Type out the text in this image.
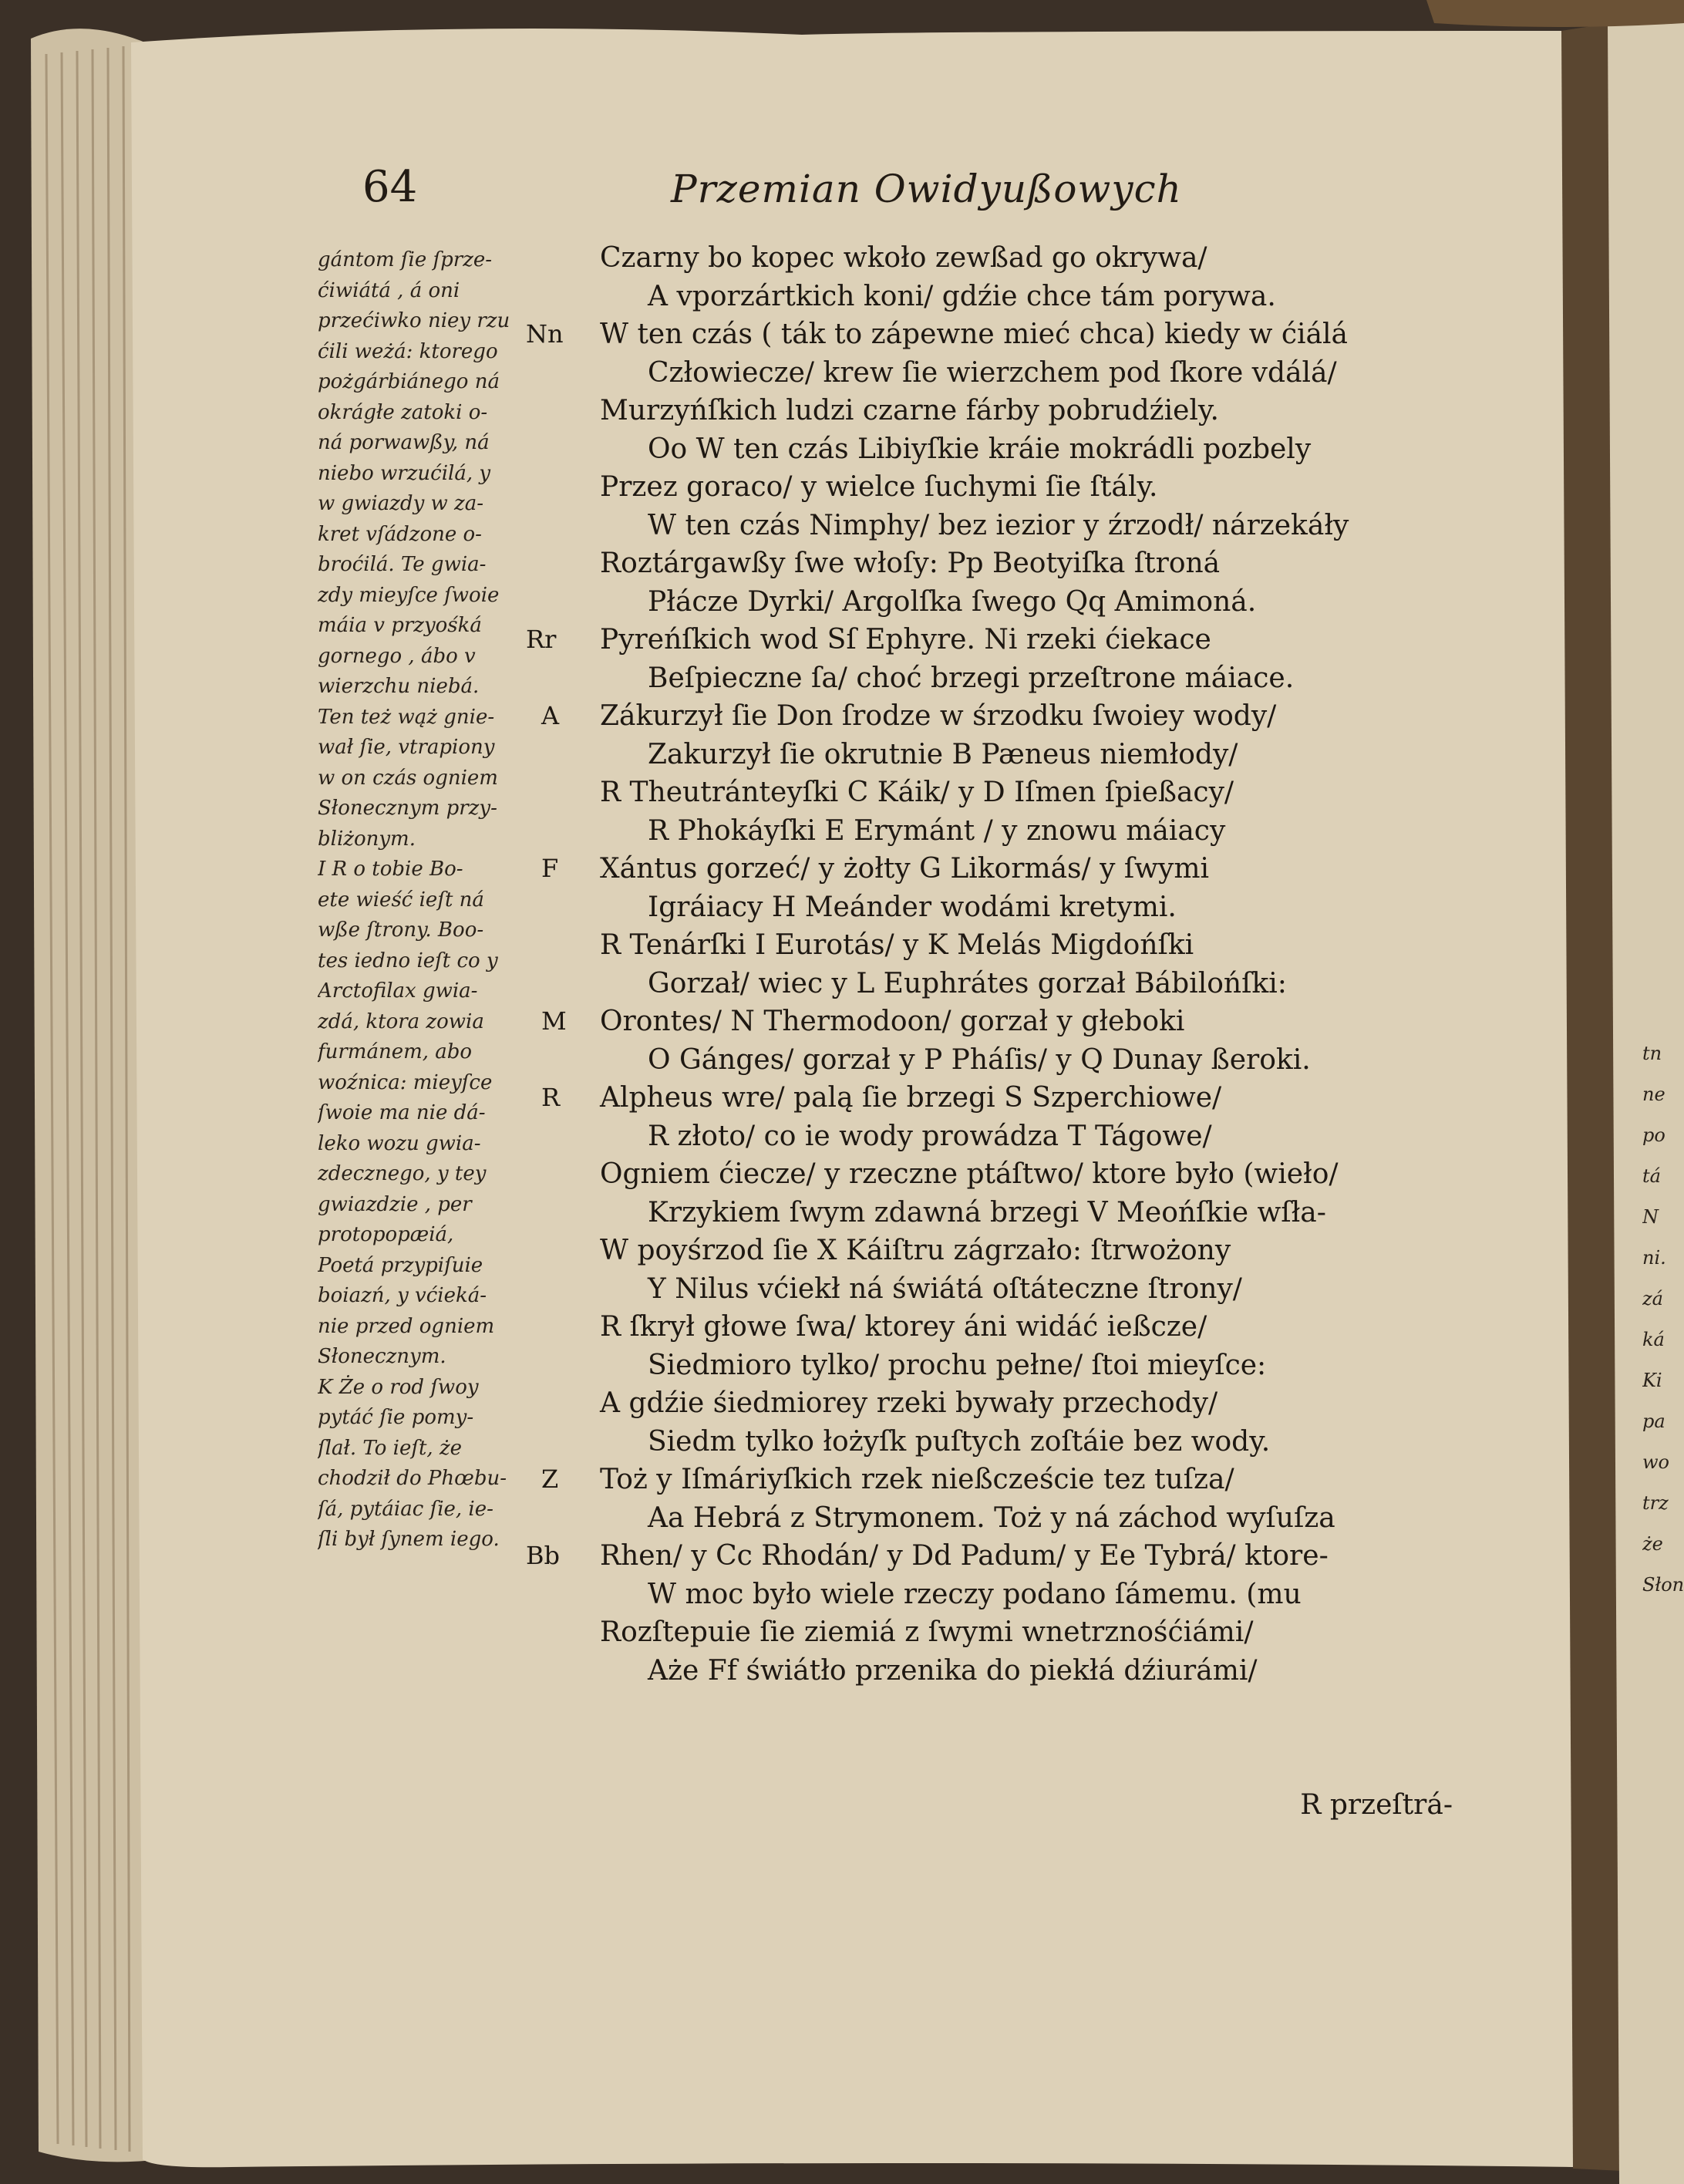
64	Przemian Owidyußowych
gántom ſie ſprze-
ćiwiátá , á oni
przećiwko niey rzu
ćili weżá: ktorego
pożgárbiánego ná
okrágłe zatoki o-
ná porwawßy, ná
niebo wrzućilá, y
w gwiazdy w za-
kret vſádzone o-
broćilá. Te gwia-
zdy mieyſce ſwoie
máia v przyośká
gornego , ábo v
wierzchu niebá.
Ten też wąż gnie-
wał ſie, vtrapiony
w on czás ogniem
Słonecznym przy-
bliżonym.
I R o tobie Bo-
ete wieść ieſt ná
wße ſtrony. Boo-
tes iedno ieſt co y
Arctofilax gwia-
zdá, ktora zowia
furmánem, abo
woźnica: mieyſce
ſwoie ma nie dá-
leko wozu gwia-
zdecznego, y tey
gwiazdzie , per
protopopæiá,
Poetá przypiſuie
boiazń, y vćieká-
nie przed ogniem
Słonecznym.
K Że o rod ſwoy
pytáć ſie pomy-
ſlał. To ieſt, że
chodził do Phœbu-
ſá, pytáiac ſie, ie-
ſli był ſynem iego.
Czarny bo kopec wkoło zewßad go okrywa/
A vporzártkich koni/ gdźie chce tám porywa.
Nn W ten czás ( ták to zápewne mieć chca) kiedy w ćiálá
Człowiecze/ krew ſie wierzchem pod ſkore vdálá/
Murzyńſkich ludzi czarne fárby pobrudźiely.
Oo W ten czás Libiyſkie kráie mokrádli pozbely
Przez goraco/ y wielce ſuchymi ſie ſtály.
W ten czás Nimphy/ bez iezior y źrzodł/ nárzekáły
Roztárgawßy ſwe włoſy: Pp Beotyiſka ſtroná
Płácze Dyrki/ Argolſka ſwego Qq Amimoná.
Rr Pyreńſkich wod Sſ Ephyre. Ni rzeki ćiekace
Beſpieczne ſa/ choć brzegi przeſtrone máiace.
A Zákurzył ſie Don ſrodze w śrzodku ſwoiey wody/
Zakurzył ſie okrutnie B Pæneus niemłody/
R Theutránteyſki C Káik/ y D Iſmen ſpießacy/
R Phokáyſki E Erymánt / y znowu máiacy
F Xántus gorzeć/ y żołty G Likormás/ y ſwymi
Igráiacy H Meánder wodámi kretymi.
R Tenárſki I Eurotás/ y K Melás Migdońſki
Gorzał/ wiec y L Euphrátes gorzał Bábilońſki:
M Orontes/ N Thermodoon/ gorzał y głeboki
O Gánges/ gorzał y P Pháſis/ y Q Dunay ßeroki.
R Alpheus wre/ palą ſie brzegi S Szperchiowe/
R złoto/ co ie wody prowádza T Tágowe/
Ogniem ćiecze/ y rzeczne ptáſtwo/ ktore było (wieło/
Krzykiem ſwym zdawná brzegi V Meońſkie wſła-
W poyśrzod ſie X Káiſtru zágrzało: ſtrwożony
Y Nilus vćiekł ná świátá oſtáteczne ſtrony/
R ſkrył głowe ſwa/ ktorey áni widáć ießcze/
Siedmioro tylko/ prochu pełne/ ſtoi mieyſce:
A gdźie śiedmiorey rzeki bywały przechody/
Siedm tylko łożyſk puſtych zoſtáie bez wody.
Z Toż y Iſmáriyſkich rzek nießczeście tez tuſza/
Aa Hebrá z Strymonem. Toż y ná záchod wyſuſza
Bb Rhen/ y Cc Rhodán/ y Dd Padum/ y Ee Tybrá/ ktore-
W moc było wiele rzeczy podano ſámemu. (mu
Rozſtepuie ſie ziemiá z ſwymi wnetrznośćiámi/
Aże Ff świátło przenika do piekłá dźiurámi/
R przeſtrá-
tn
ne
po
tá
N
ni.
zá
ká
Ki
pa
wo
trz
że
Słon
